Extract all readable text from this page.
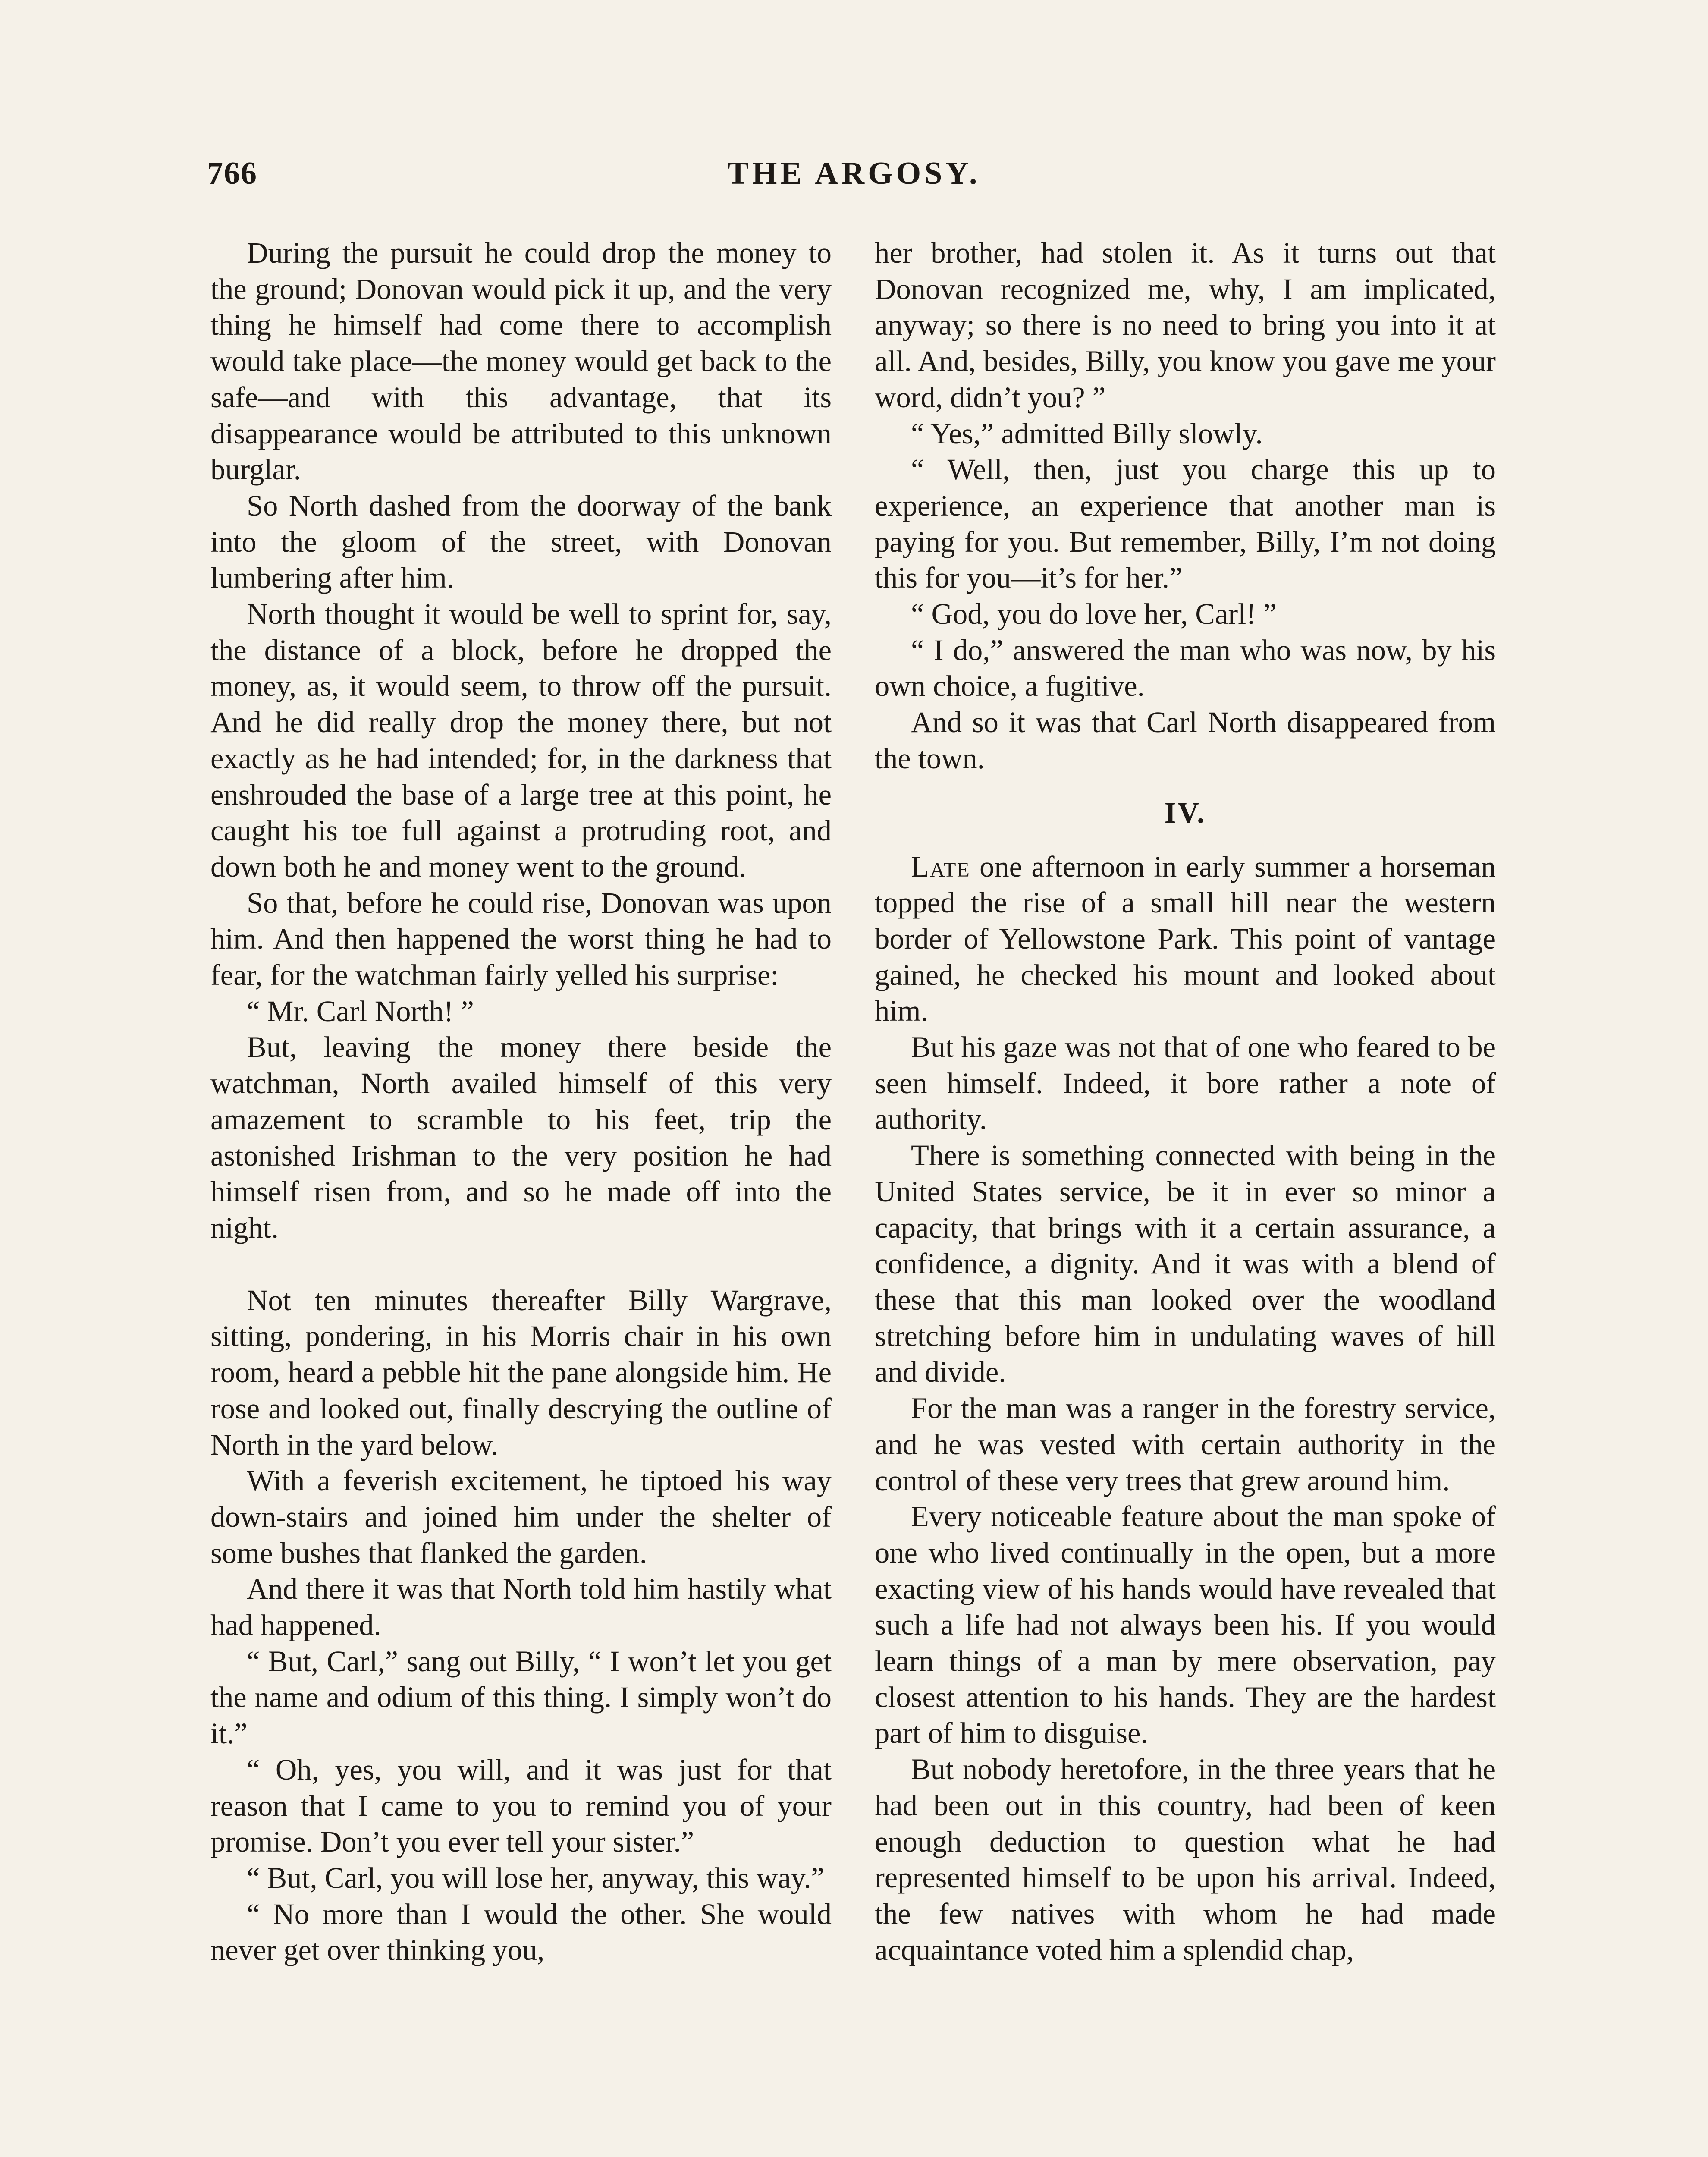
766	THE ARGOSY.

During the pursuit he could drop the money to the ground; Donovan would pick it up, and the very thing he himself had come there to accomplish would take place—the money would get back to the safe—and with this advantage, that its disappearance would be attributed to this unknown burglar.

So North dashed from the doorway of the bank into the gloom of the street, with Donovan lumbering after him.

North thought it would be well to sprint for, say, the distance of a block, before he dropped the money, as, it would seem, to throw off the pursuit. And he did really drop the money there, but not exactly as he had intended; for, in the darkness that enshrouded the base of a large tree at this point, he caught his toe full against a protruding root, and down both he and money went to the ground.

So that, before he could rise, Donovan was upon him. And then happened the worst thing he had to fear, for the watchman fairly yelled his surprise:

“ Mr. Carl North! ”

But, leaving the money there beside the watchman, North availed himself of this very amazement to scramble to his feet, trip the astonished Irishman to the very position he had himself risen from, and so he made off into the night.

Not ten minutes thereafter Billy Wargrave, sitting, pondering, in his Morris chair in his own room, heard a pebble hit the pane alongside him. He rose and looked out, finally descrying the outline of North in the yard below.

With a feverish excitement, he tiptoed his way down-stairs and joined him under the shelter of some bushes that flanked the garden.

And there it was that North told him hastily what had happened.

“ But, Carl,” sang out Billy, “ I won’t let you get the name and odium of this thing. I simply won’t do it.”

“ Oh, yes, you will, and it was just for that reason that I came to you to remind you of your promise. Don’t you ever tell your sister.”

“ But, Carl, you will lose her, anyway, this way.”

“ No more than I would the other. She would never get over thinking you,

her brother, had stolen it. As it turns out that Donovan recognized me, why, I am implicated, anyway; so there is no need to bring you into it at all. And, besides, Billy, you know you gave me your word, didn’t you? ”

“ Yes,” admitted Billy slowly.

“ Well, then, just you charge this up to experience, an experience that another man is paying for you. But remember, Billy, I’m not doing this for you—it’s for her.”

“ God, you do love her, Carl! ”

“ I do,” answered the man who was now, by his own choice, a fugitive.

And so it was that Carl North disappeared from the town.

IV.

Late one afternoon in early summer a horseman topped the rise of a small hill near the western border of Yellowstone Park. This point of vantage gained, he checked his mount and looked about him.

But his gaze was not that of one who feared to be seen himself. Indeed, it bore rather a note of authority.

There is something connected with being in the United States service, be it in ever so minor a capacity, that brings with it a certain assurance, a confidence, a dignity. And it was with a blend of these that this man looked over the woodland stretching before him in undulating waves of hill and divide.

For the man was a ranger in the forestry service, and he was vested with certain authority in the control of these very trees that grew around him.

Every noticeable feature about the man spoke of one who lived continually in the open, but a more exacting view of his hands would have revealed that such a life had not always been his. If you would learn things of a man by mere observation, pay closest attention to his hands. They are the hardest part of him to disguise.

But nobody heretofore, in the three years that he had been out in this country, had been of keen enough deduction to question what he had represented himself to be upon his arrival. Indeed, the few natives with whom he had made acquaintance voted him a splendid chap,
